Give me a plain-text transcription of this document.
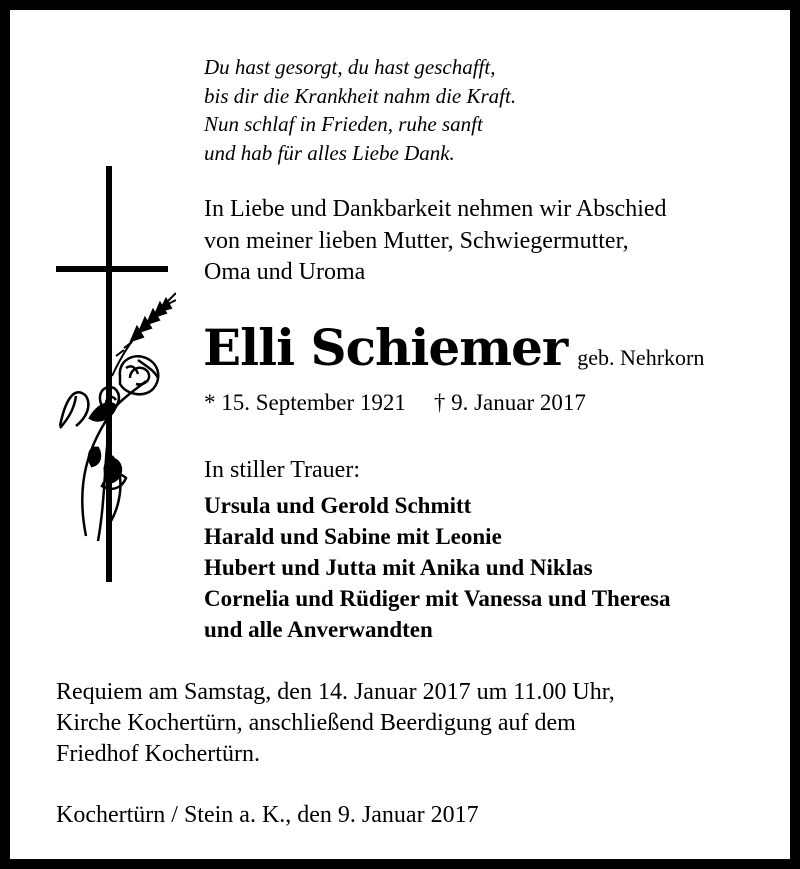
Du hast gesorgt, du hast geschafft,
bis dir die Krankheit nahm die Kraft.
Nun schlaf in Frieden, ruhe sanft
und hab für alles Liebe Dank.
In Liebe und Dankbarkeit nehmen wir Abschied
von meiner lieben Mutter, Schwiegermutter,
Oma und Uroma
Elli Schiemer geb. Nehrkorn
* 15. September 1921 † 9. Januar 2017
In stiller Trauer:
Ursula und Gerold Schmitt
Harald und Sabine mit Leonie
Hubert und Jutta mit Anika und Niklas
Cornelia und Rüdiger mit Vanessa und Theresa
und alle Anverwandten
Requiem am Samstag, den 14. Januar 2017 um 11.00 Uhr,
Kirche Kochertürn, anschließend Beerdigung auf dem
Friedhof Kochertürn.
Kochertürn / Stein a. K., den 9. Januar 2017
